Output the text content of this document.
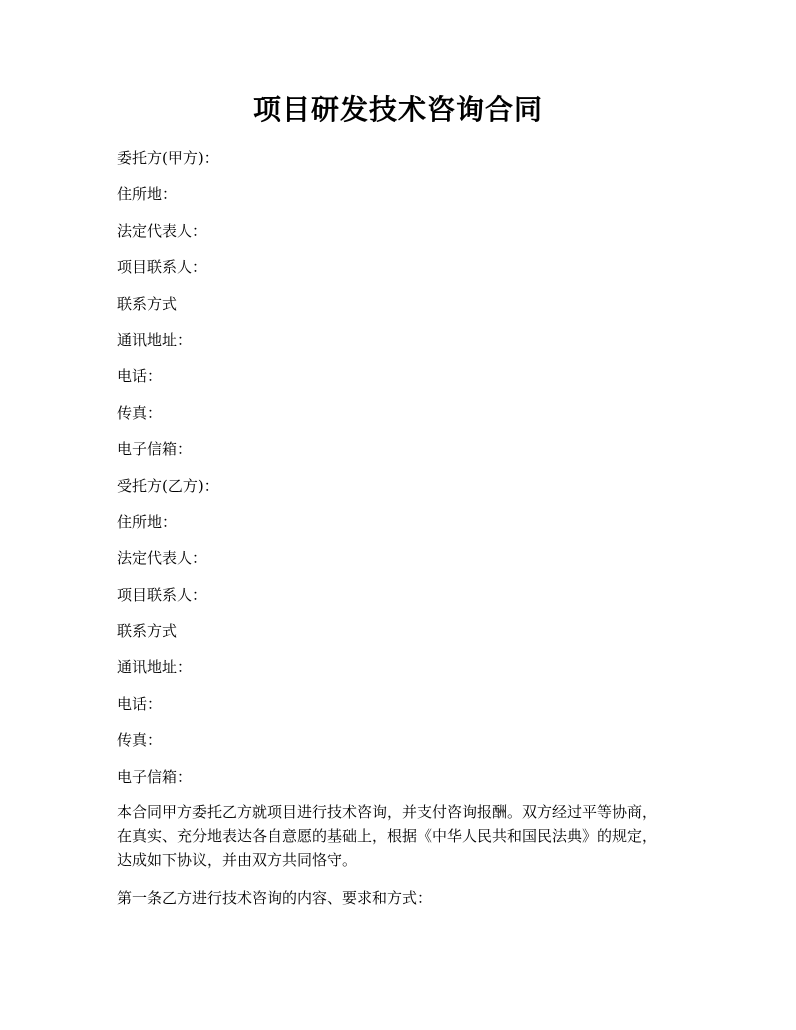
项目研发技术咨询合同
委托方(甲方)：
住所地：
法定代表人：
项目联系人：
联系方式
通讯地址：
电话：
传真：
电子信箱：
受托方(乙方)：
住所地：
法定代表人：
项目联系人：
联系方式
通讯地址：
电话：
传真：
电子信箱：
本合同甲方委托乙方就项目进行技术咨询，并支付咨询报酬。双方经过平等协商，
在真实、充分地表达各自意愿的基础上，根据《中华人民共和国民法典》的规定，
达成如下协议，并由双方共同恪守。
第一条乙方进行技术咨询的内容、要求和方式：
